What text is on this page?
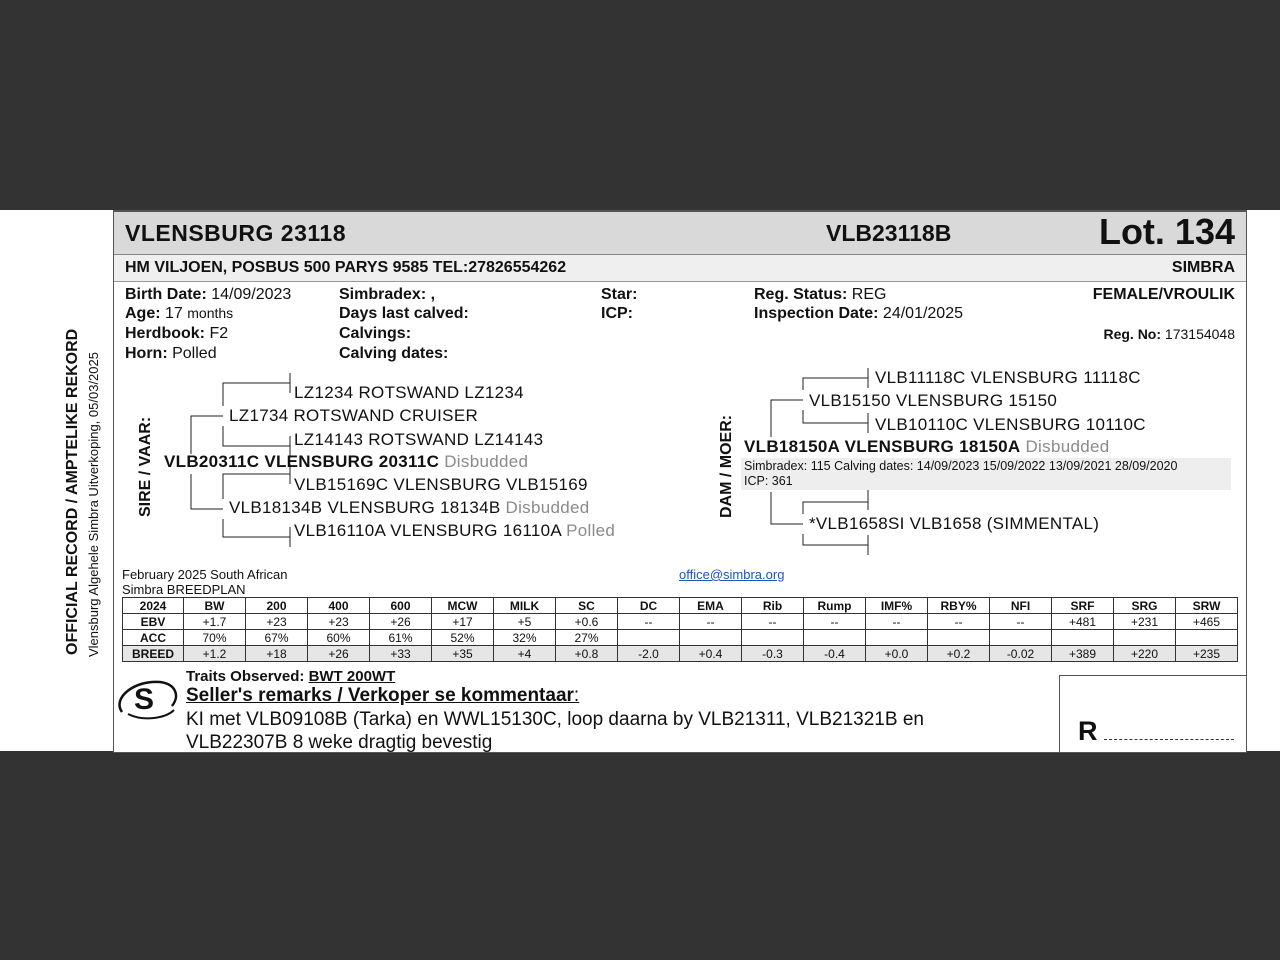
OFFICIAL RECORD / AMPTELIKE REKORD Vlensburg Algehele Simbra Uitverkoping, 05/03/2025
VLENSBURG 23118	VLB23118B	Lot. 134
HM VILJOEN, POSBUS 500 PARYS 9585 TEL:27826554262	SIMBRA
Birth Date: 14/09/2023
Age: 17 months
Herdbook: F2
Horn: Polled
Simbradex: ,
Days last calved:
Calvings:
Calving dates:
Star:
ICP:
Reg. Status: REG
Inspection Date: 24/01/2025
FEMALE/VROULIK
Reg. No: 173154048
SIRE / VAAR:
LZ1234 ROTSWAND LZ1234
LZ1734 ROTSWAND CRUISER
LZ14143 ROTSWAND LZ14143
VLB20311C VLENSBURG 20311C Disbudded
VLB15169C VLENSBURG VLB15169
VLB18134B VLENSBURG 18134B Disbudded
VLB16110A VLENSBURG 16110A Polled
DAM / MOER:
VLB11118C VLENSBURG 11118C
VLB15150 VLENSBURG 15150
VLB10110C VLENSBURG 10110C
VLB18150A VLENSBURG 18150A Disbudded
Simbradex: 115 Calving dates: 14/09/2023 15/09/2022 13/09/2021 28/09/2020
ICP: 361
*VLB1658SI VLB1658 (SIMMENTAL)
February 2025 South African
Simbra BREEDPLAN
office@simbra.org
2024	BW	200	400	600	MCW	MILK	SC	DC	EMA	Rib	Rump	IMF%	RBY%	NFI	SRF	SRG	SRW
EBV	+1.7	+23	+23	+26	+17	+5	+0.6	--	--	--	--	--	--	--	+481	+231	+465
ACC	70%	67%	60%	61%	52%	32%	27%										
BREED	+1.2	+18	+26	+33	+35	+4	+0.8	-2.0	+0.4	-0.3	-0.4	+0.0	+0.2	-0.02	+389	+220	+235
Traits Observed: BWT 200WT
S Seller's remarks / Verkoper se kommentaar:
KI met VLB09108B (Tarka) en WWL15130C, loop daarna by VLB21311, VLB21321B en VLB22307B 8 weke dragtig bevestig	R
